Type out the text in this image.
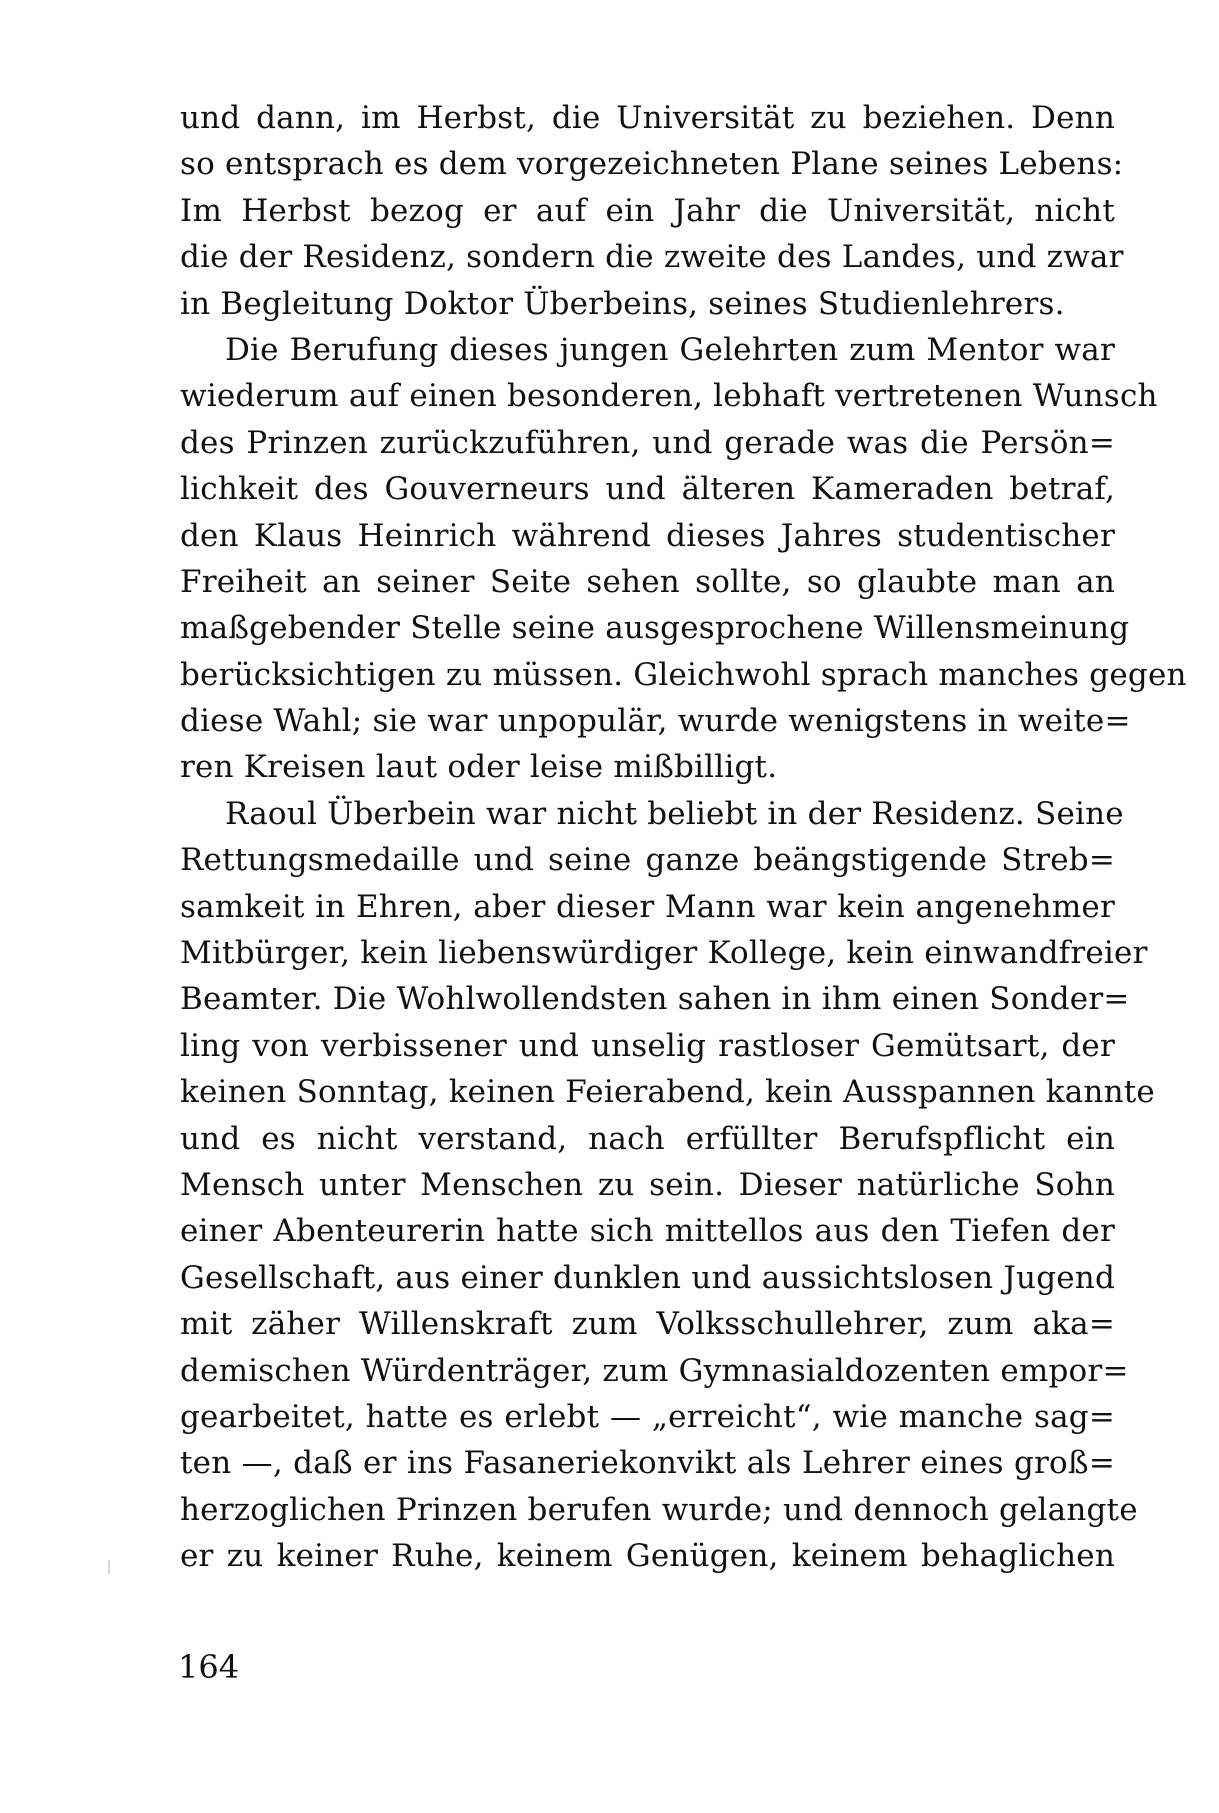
und dann, im Herbst, die Universität zu beziehen. Denn
so entsprach es dem vorgezeichneten Plane seines Lebens:
Im Herbst bezog er auf ein Jahr die Universität, nicht
die der Residenz, sondern die zweite des Landes, und zwar
in Begleitung Doktor Überbeins, seines Studienlehrers.
Die Berufung dieses jungen Gelehrten zum Mentor war
wiederum auf einen besonderen, lebhaft vertretenen Wunsch
des Prinzen zurückzuführen, und gerade was die Persön=
lichkeit des Gouverneurs und älteren Kameraden betraf,
den Klaus Heinrich während dieses Jahres studentischer
Freiheit an seiner Seite sehen sollte, so glaubte man an
maßgebender Stelle seine ausgesprochene Willensmeinung
berücksichtigen zu müssen. Gleichwohl sprach manches gegen
diese Wahl; sie war unpopulär, wurde wenigstens in weite=
ren Kreisen laut oder leise mißbilligt.
Raoul Überbein war nicht beliebt in der Residenz. Seine
Rettungsmedaille und seine ganze beängstigende Streb=
samkeit in Ehren, aber dieser Mann war kein angenehmer
Mitbürger, kein liebenswürdiger Kollege, kein einwandfreier
Beamter. Die Wohlwollendsten sahen in ihm einen Sonder=
ling von verbissener und unselig rastloser Gemütsart, der
keinen Sonntag, keinen Feierabend, kein Ausspannen kannte
und es nicht verstand, nach erfüllter Berufspflicht ein
Mensch unter Menschen zu sein. Dieser natürliche Sohn
einer Abenteurerin hatte sich mittellos aus den Tiefen der
Gesellschaft, aus einer dunklen und aussichtslosen Jugend
mit zäher Willenskraft zum Volksschullehrer, zum aka=
demischen Würdenträger, zum Gymnasialdozenten empor=
gearbeitet, hatte es erlebt — „erreicht“, wie manche sag=
ten —, daß er ins Fasaneriekonvikt als Lehrer eines groß=
herzoglichen Prinzen berufen wurde; und dennoch gelangte
er zu keiner Ruhe, keinem Genügen, keinem behaglichen
164
